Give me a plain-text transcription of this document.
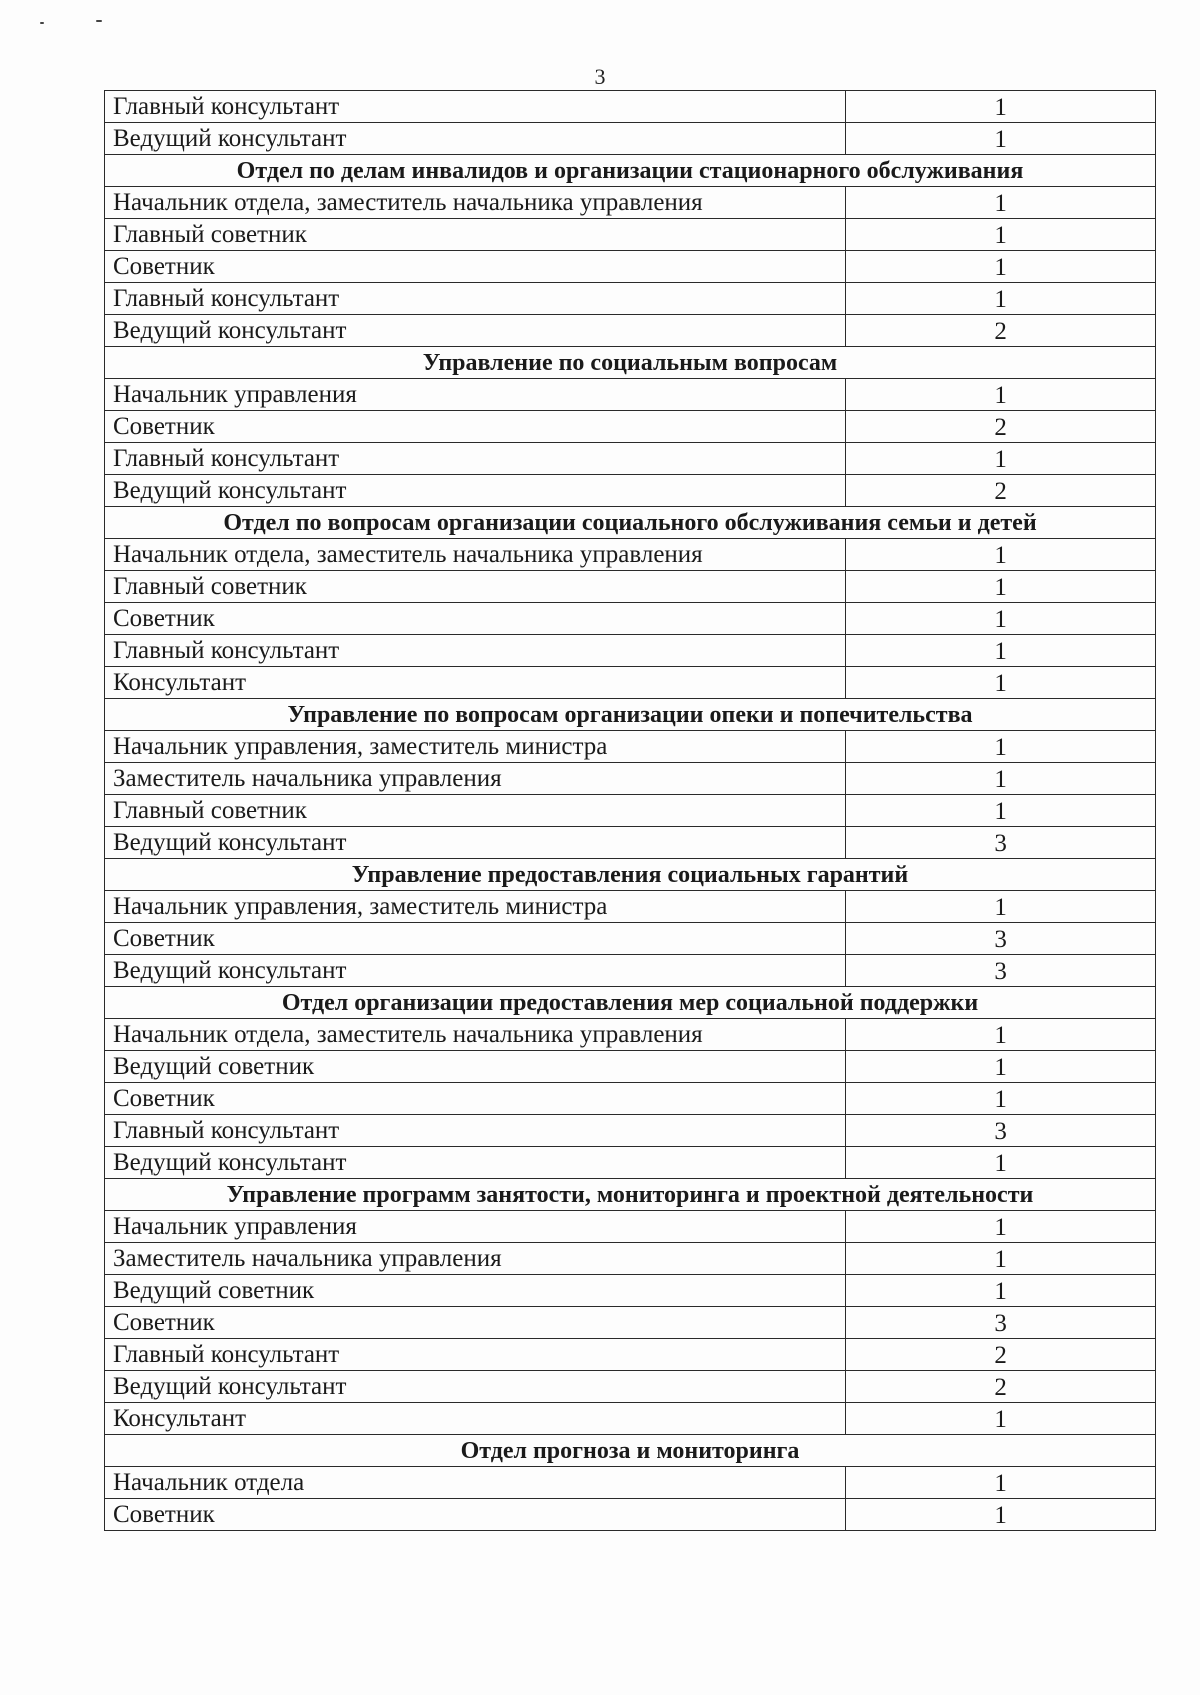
3
Главный консультант	1
Ведущий консультант	1
Отдел по делам инвалидов и организации стационарного обслуживания	
Начальник отдела, заместитель начальника управления	1
Главный советник	1
Советник	1
Главный консультант	1
Ведущий консультант	2
Управление по социальным вопросам	
Начальник управления	1
Советник	2
Главный консультант	1
Ведущий консультант	2
Отдел по вопросам организации социального обслуживания семьи и детей	
Начальник отдела, заместитель начальника управления	1
Главный советник	1
Советник	1
Главный консультант	1
Консультант	1
Управление по вопросам организации опеки и попечительства	
Начальник управления, заместитель министра	1
Заместитель начальника управления	1
Главный советник	1
Ведущий консультант	3
Управление предоставления социальных гарантий	
Начальник управления, заместитель министра	1
Советник	3
Ведущий консультант	3
Отдел организации предоставления мер социальной поддержки	
Начальник отдела, заместитель начальника управления	1
Ведущий советник	1
Советник	1
Главный консультант	3
Ведущий консультант	1
Управление программ занятости, мониторинга и проектной деятельности	
Начальник управления	1
Заместитель начальника управления	1
Ведущий советник	1
Советник	3
Главный консультант	2
Ведущий консультант	2
Консультант	1
Отдел прогноза и мониторинга	
Начальник отдела	1
Советник	1
